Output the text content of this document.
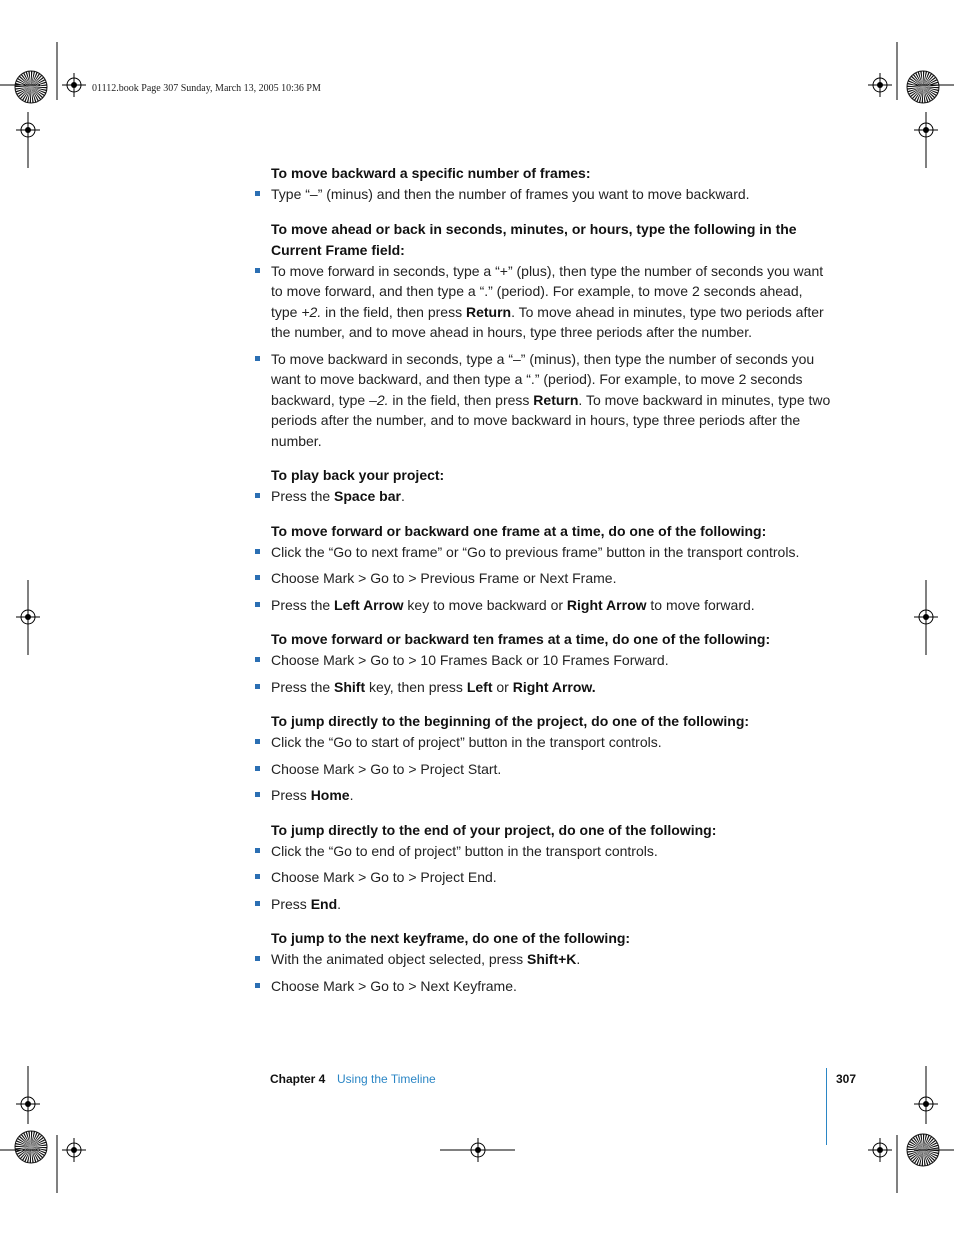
01112.book Page 307 Sunday, March 13, 2005 10:36 PM
To move backward a specific number of frames:
Type “–” (minus) and then the number of frames you want to move backward.
To move ahead or back in seconds, minutes, or hours, type the following in the Current Frame field:
To move forward in seconds, type a “+” (plus), then type the number of seconds you want to move forward, and then type a “.” (period). For example, to move 2 seconds ahead, type +2. in the field, then press Return. To move ahead in minutes, type two periods after the number, and to move ahead in hours, type three periods after the number.
To move backward in seconds, type a “–” (minus), then type the number of seconds you want to move backward, and then type a “.” (period). For example, to move 2 seconds backward, type –2. in the field, then press Return. To move backward in minutes, type two periods after the number, and to move backward in hours, type three periods after the number.
To play back your project:
Press the Space bar.
To move forward or backward one frame at a time, do one of the following:
Click the “Go to next frame” or “Go to previous frame” button in the transport controls.
Choose Mark > Go to > Previous Frame or Next Frame.
Press the Left Arrow key to move backward or Right Arrow to move forward.
To move forward or backward ten frames at a time, do one of the following:
Choose Mark > Go to > 10 Frames Back or 10 Frames Forward.
Press the Shift key, then press Left or Right Arrow.
To jump directly to the beginning of the project, do one of the following:
Click the “Go to start of project” button in the transport controls.
Choose Mark > Go to > Project Start.
Press Home.
To jump directly to the end of your project, do one of the following:
Click the “Go to end of project” button in the transport controls.
Choose Mark > Go to > Project End.
Press End.
To jump to the next keyframe, do one of the following:
With the animated object selected, press Shift+K.
Choose Mark > Go to > Next Keyframe.
Chapter 4 Using the Timeline	307
